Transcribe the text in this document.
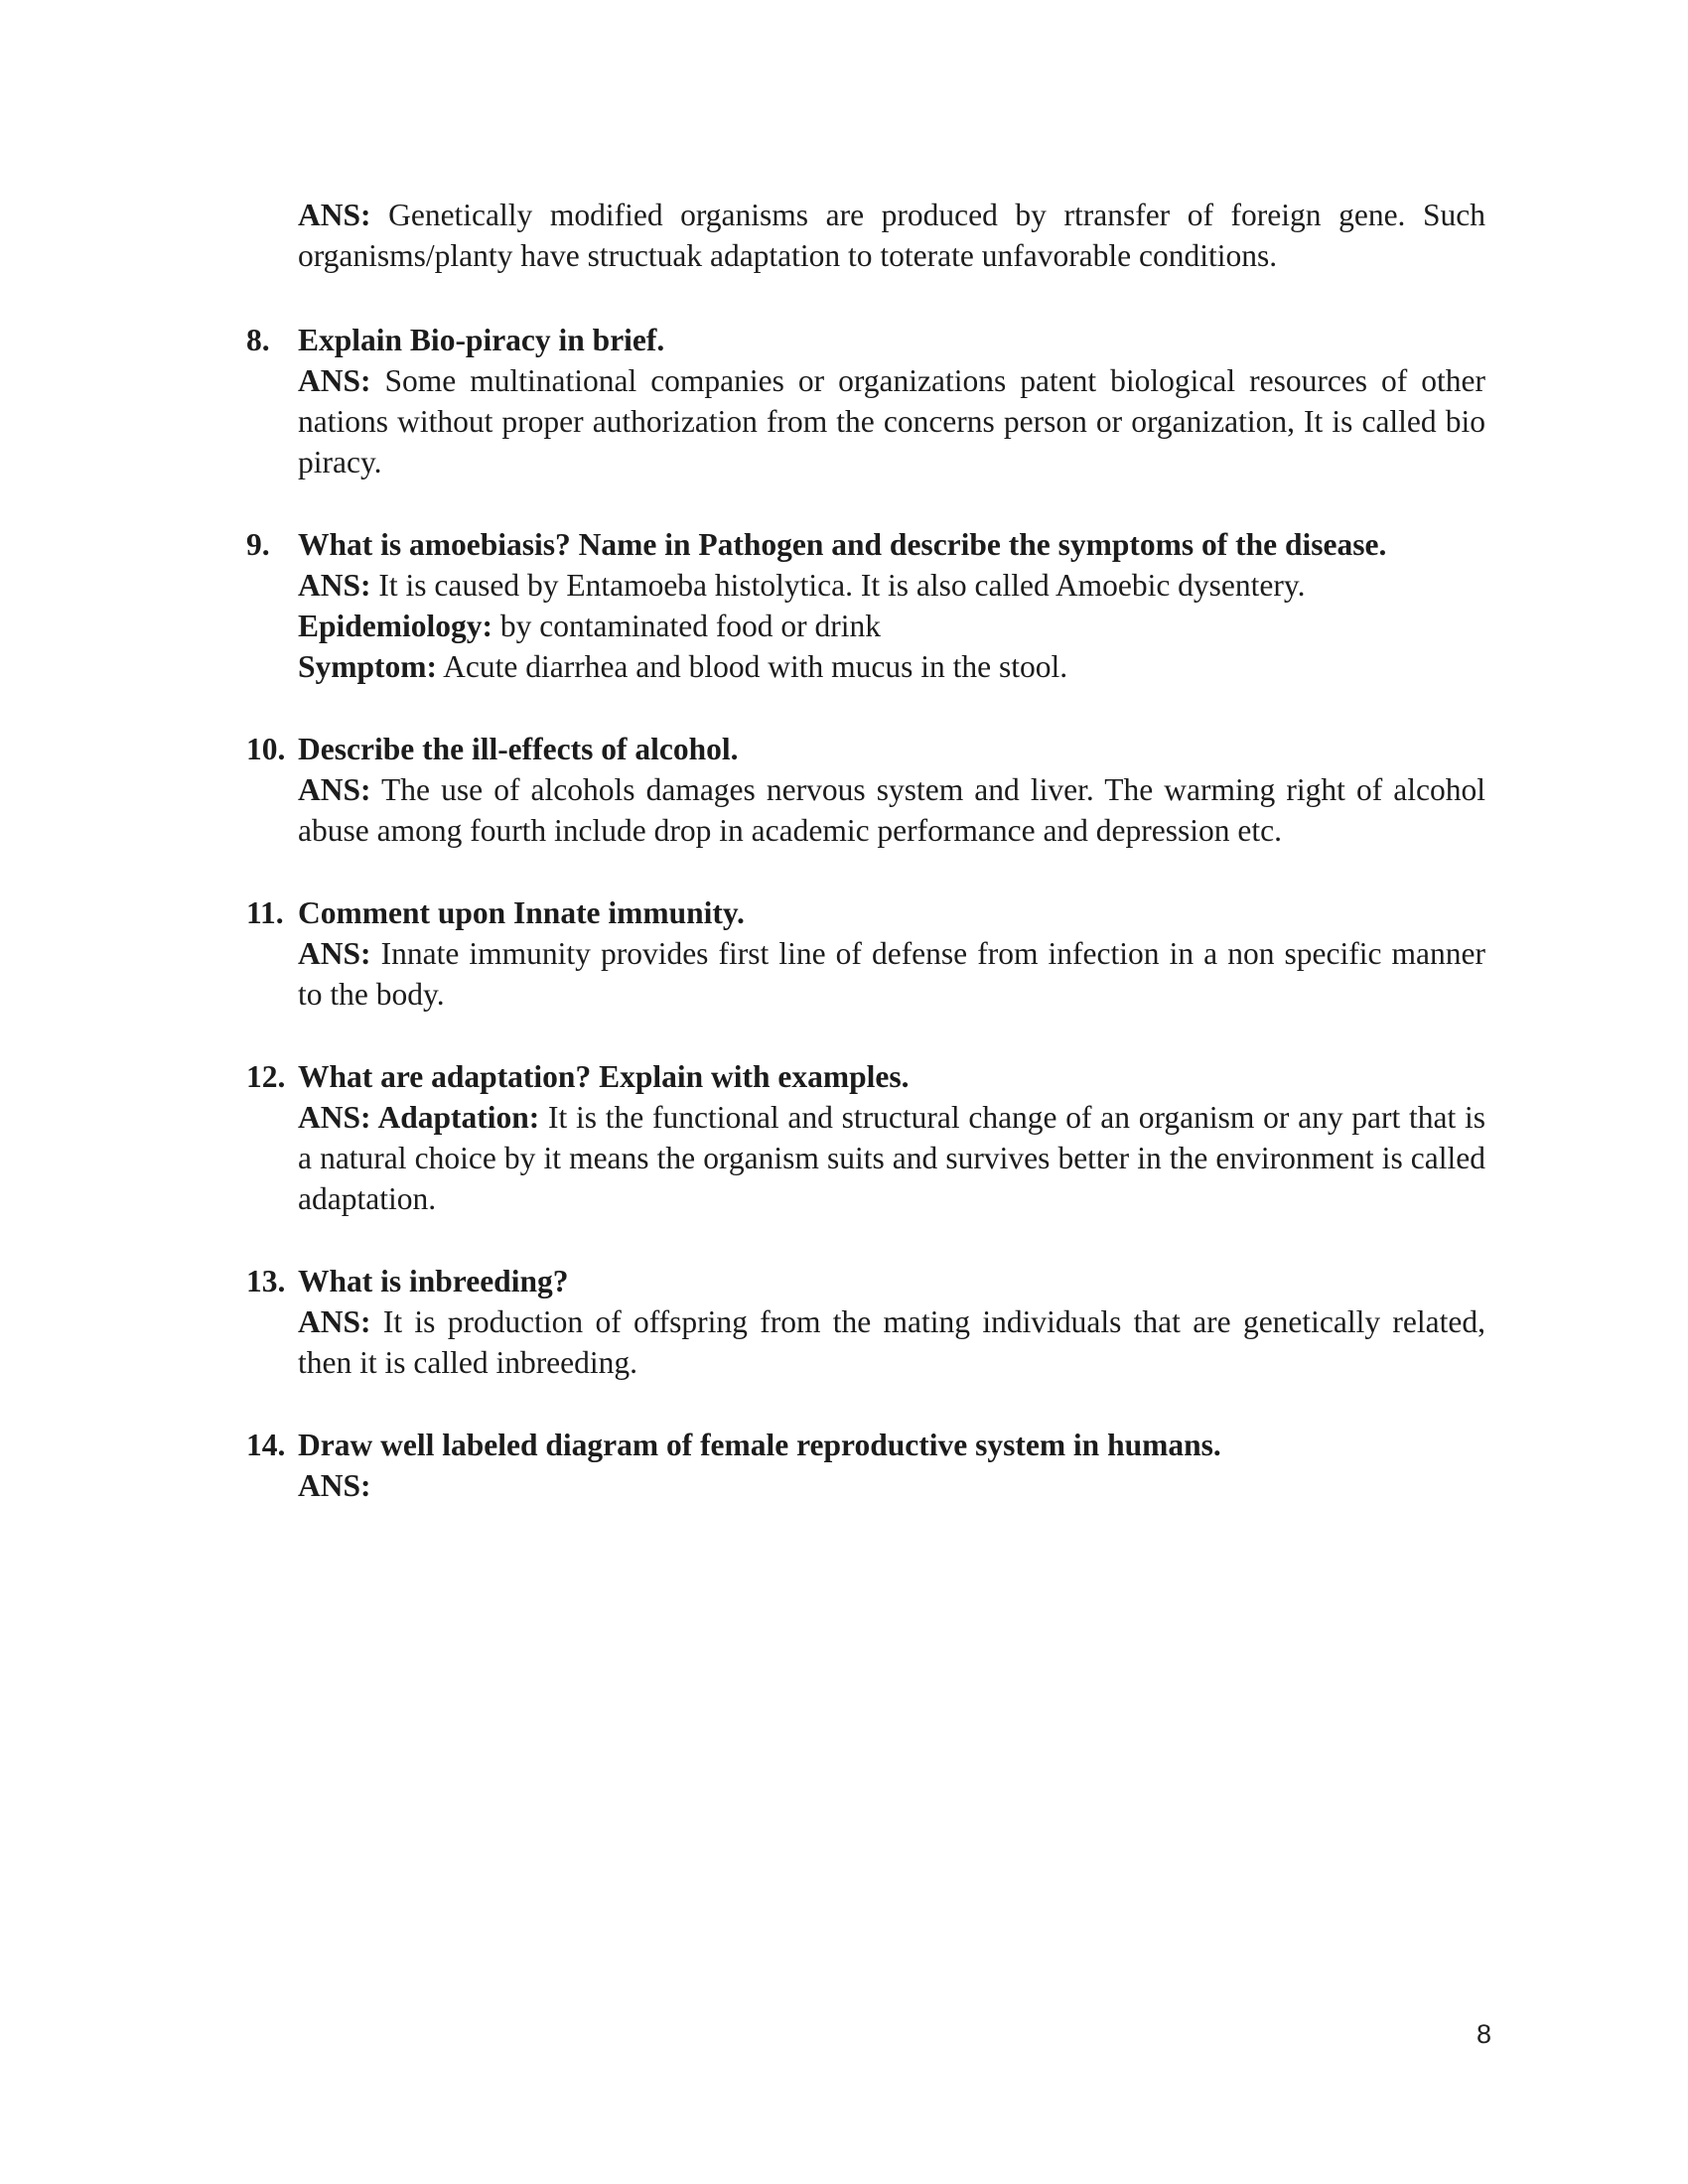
ANS: Genetically modified organisms are produced by rtransfer of foreign gene. Such organisms/planty have structuak adaptation to toterate unfavorable conditions.
8. Explain Bio-piracy in brief.
ANS: Some multinational companies or organizations patent biological resources of other nations without proper authorization from the concerns person or organization, It is called bio piracy.
9. What is amoebiasis? Name in Pathogen and describe the symptoms of the disease.
ANS: It is caused by Entamoeba histolytica. It is also called Amoebic dysentery.
Epidemiology: by contaminated food or drink
Symptom: Acute diarrhea and blood with mucus in the stool.
10. Describe the ill-effects of alcohol.
ANS: The use of alcohols damages nervous system and liver. The warming right of alcohol abuse among fourth include drop in academic performance and depression etc.
11. Comment upon Innate immunity.
ANS: Innate immunity provides first line of defense from infection in a non specific manner to the body.
12. What are adaptation? Explain with examples.
ANS: Adaptation: It is the functional and structural change of an organism or any part that is a natural choice by it means the organism suits and survives better in the environment is called adaptation.
13. What is inbreeding?
ANS: It is production of offspring from the mating individuals that are genetically related, then it is called inbreeding.
14. Draw well labeled diagram of female reproductive system in humans.
ANS:
8
